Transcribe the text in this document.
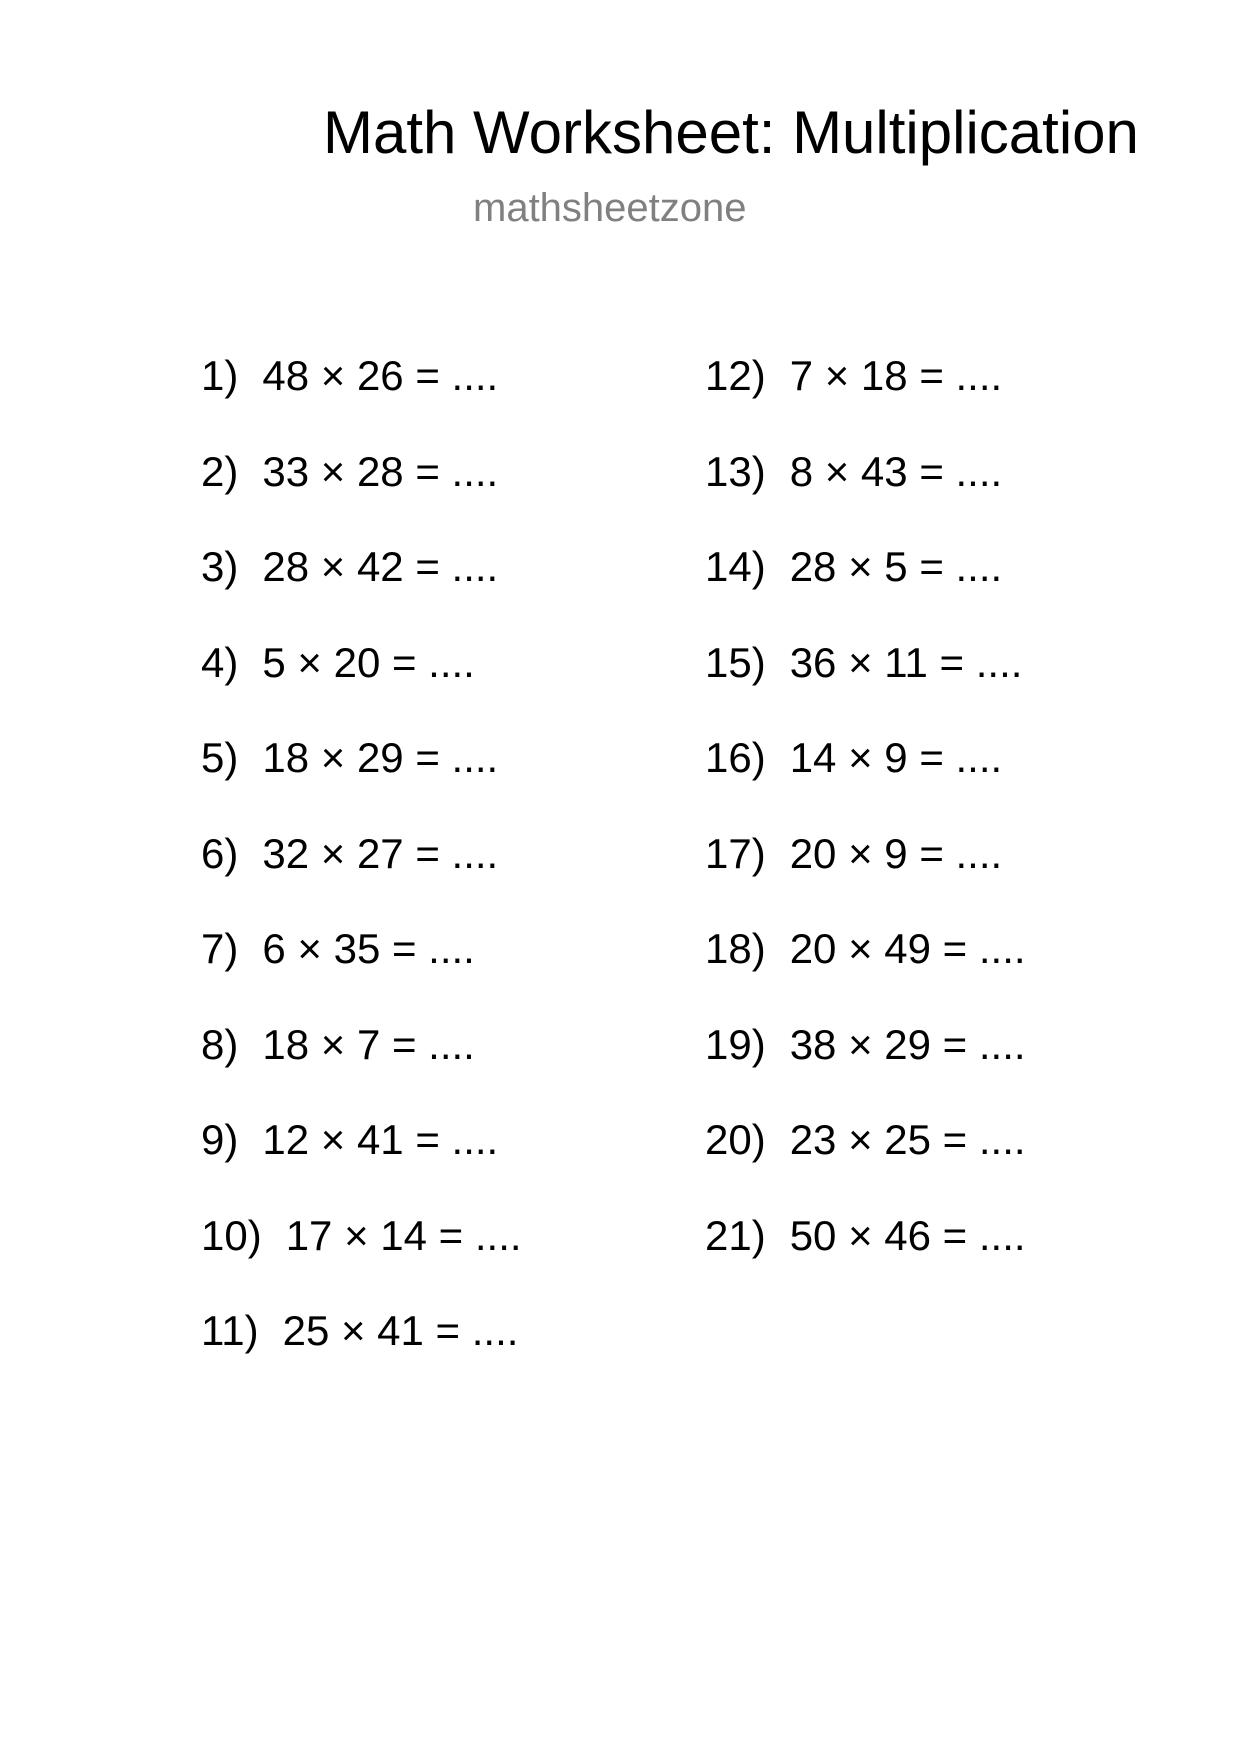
Math Worksheet: Multiplication
mathsheetzone
1) 48 × 26 = ....
2) 33 × 28 = ....
3) 28 × 42 = ....
4) 5 × 20 = ....
5) 18 × 29 = ....
6) 32 × 27 = ....
7) 6 × 35 = ....
8) 18 × 7 = ....
9) 12 × 41 = ....
10) 17 × 14 = ....
11) 25 × 41 = ....
12) 7 × 18 = ....
13) 8 × 43 = ....
14) 28 × 5 = ....
15) 36 × 11 = ....
16) 14 × 9 = ....
17) 20 × 9 = ....
18) 20 × 49 = ....
19) 38 × 29 = ....
20) 23 × 25 = ....
21) 50 × 46 = ....
